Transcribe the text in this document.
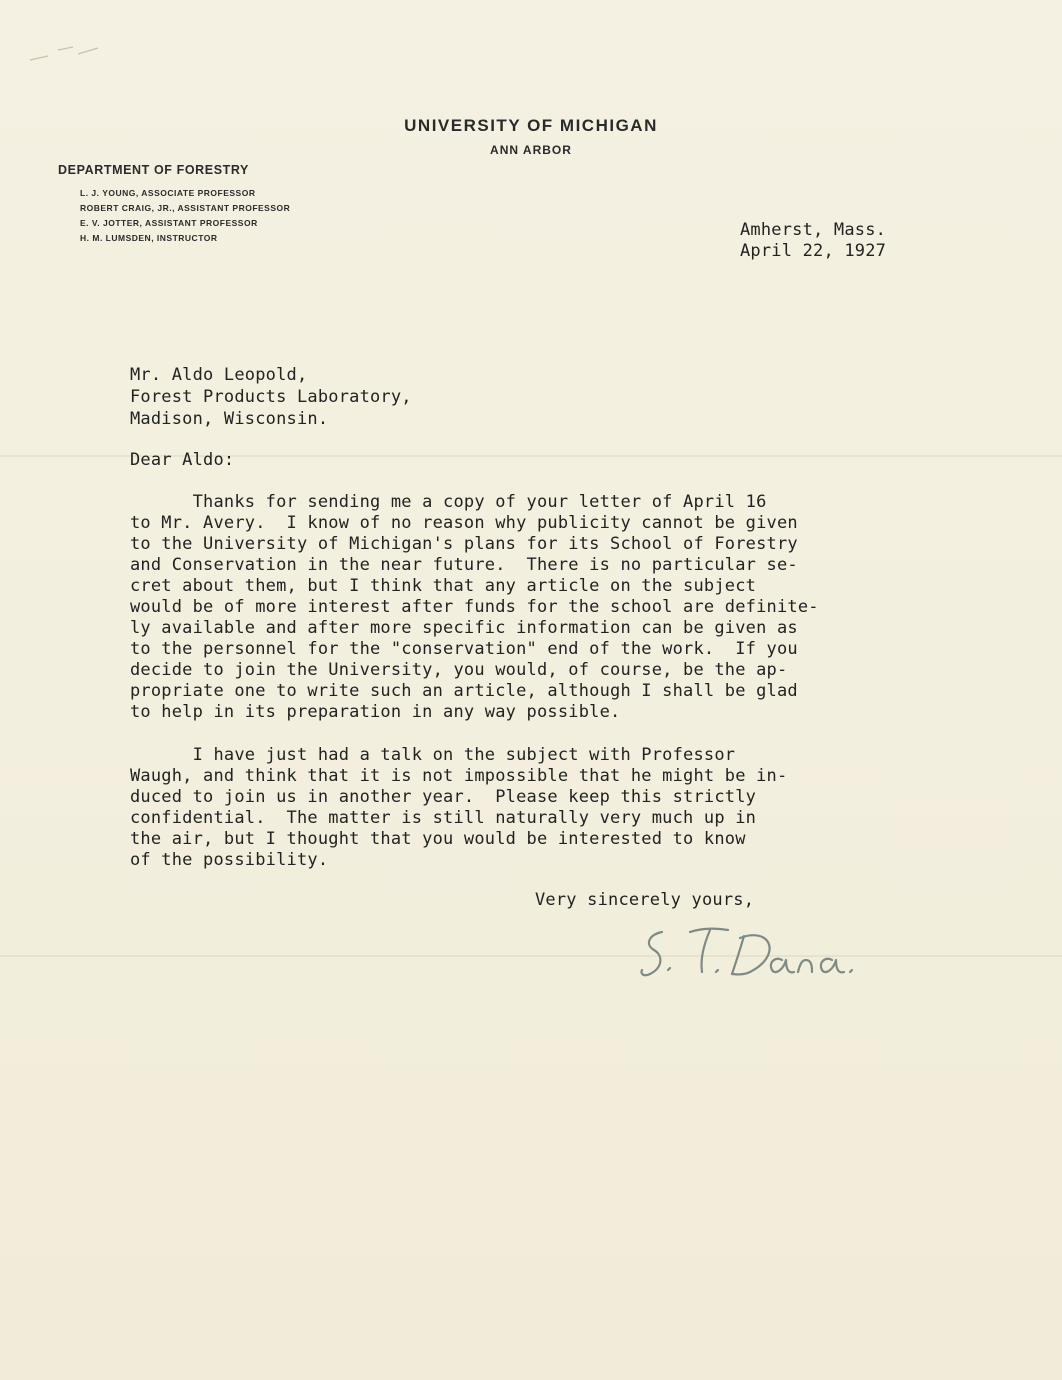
UNIVERSITY OF MICHIGAN
ANN ARBOR
DEPARTMENT OF FORESTRY
L. J. YOUNG, ASSOCIATE PROFESSOR
ROBERT CRAIG, JR., ASSISTANT PROFESSOR
E. V. JOTTER, ASSISTANT PROFESSOR
H. M. LUMSDEN, INSTRUCTOR	Amherst, Mass.
April 22, 1927
Mr. Aldo Leopold,
Forest Products Laboratory,
Madison, Wisconsin.
Dear Aldo:
Thanks for sending me a copy of your letter of April 16
to Mr. Avery.  I know of no reason why publicity cannot be given
to the University of Michigan's plans for its School of Forestry
and Conservation in the near future.  There is no particular se-
cret about them, but I think that any article on the subject
would be of more interest after funds for the school are definite-
ly available and after more specific information can be given as
to the personnel for the "conservation" end of the work.  If you
decide to join the University, you would, of course, be the ap-
propriate one to write such an article, although I shall be glad
to help in its preparation in any way possible.
I have just had a talk on the subject with Professor
Waugh, and think that it is not impossible that he might be in-
duced to join us in another year.  Please keep this strictly
confidential.  The matter is still naturally very much up in
the air, but I thought that you would be interested to know
of the possibility.
Very sincerely yours,
